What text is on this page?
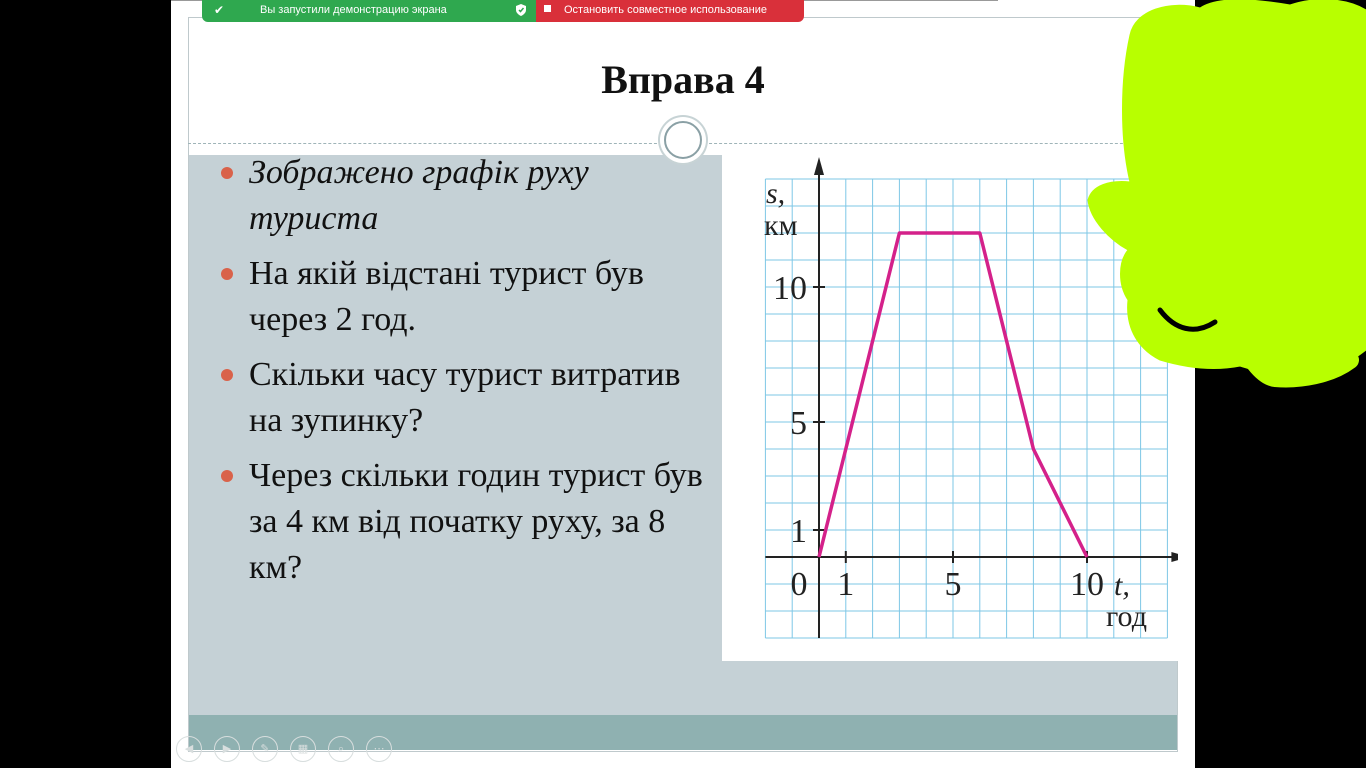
✔	Вы запустили демонстрацию экрана	Остановить совместное использование
Вправа 4
Зображено графік руху туриста
На якій відстані турист був через 2 год.
Скільки часу турист витратив на зупинку?
Через скільки годин турист був за 4 км від початку руху, за 8 км?	0 1	5	10
1
5
10
s,
км
t,
год
◀	▶	✎	▦	⌕	⋯
